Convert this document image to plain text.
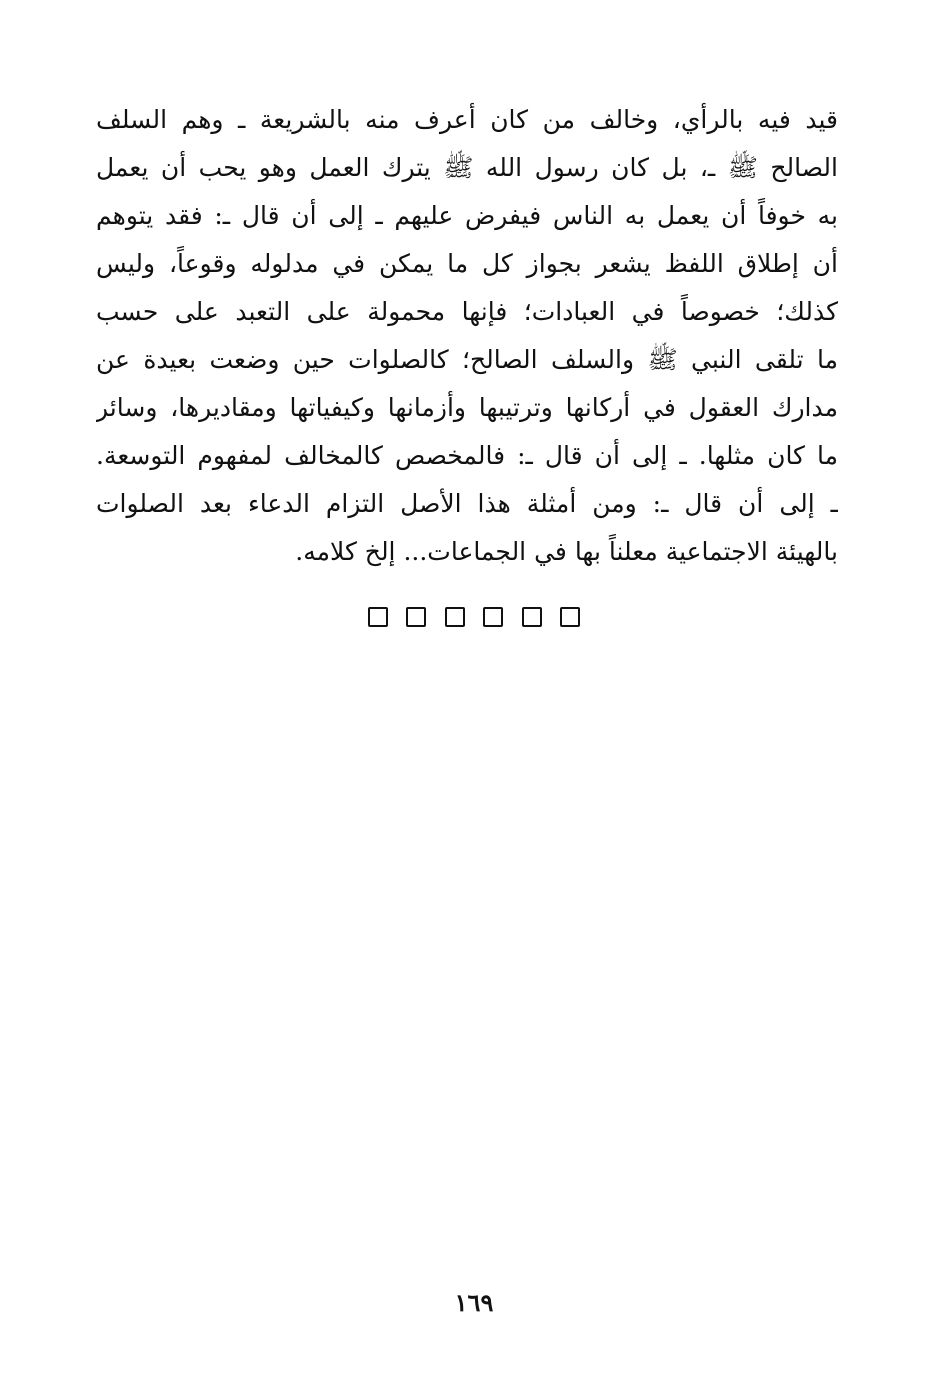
قيد فيه بالرأي، وخالف من كان أعرف منه بالشريعة ـ وهم السلف
الصالح ﷺ ـ، بل كان رسول الله ﷺ يترك العمل وهو يحب أن يعمل
به خوفاً أن يعمل به الناس فيفرض عليهم ـ إلى أن قال ـ: فقد يتوهم
أن إطلاق اللفظ يشعر بجواز كل ما يمكن في مدلوله وقوعاً، وليس
كذلك؛ خصوصاً في العبادات؛ فإنها محمولة على التعبد على حسب
ما تلقى النبي ﷺ والسلف الصالح؛ كالصلوات حين وضعت بعيدة عن
مدارك العقول في أركانها وترتيبها وأزمانها وكيفياتها ومقاديرها، وسائر
ما كان مثلها. ـ إلى أن قال ـ: فالمخصص كالمخالف لمفهوم التوسعة.
ـ إلى أن قال ـ: ومن أمثلة هذا الأصل التزام الدعاء بعد الصلوات
بالهيئة الاجتماعية معلناً بها في الجماعات... إلخ كلامه.
١٦٩
